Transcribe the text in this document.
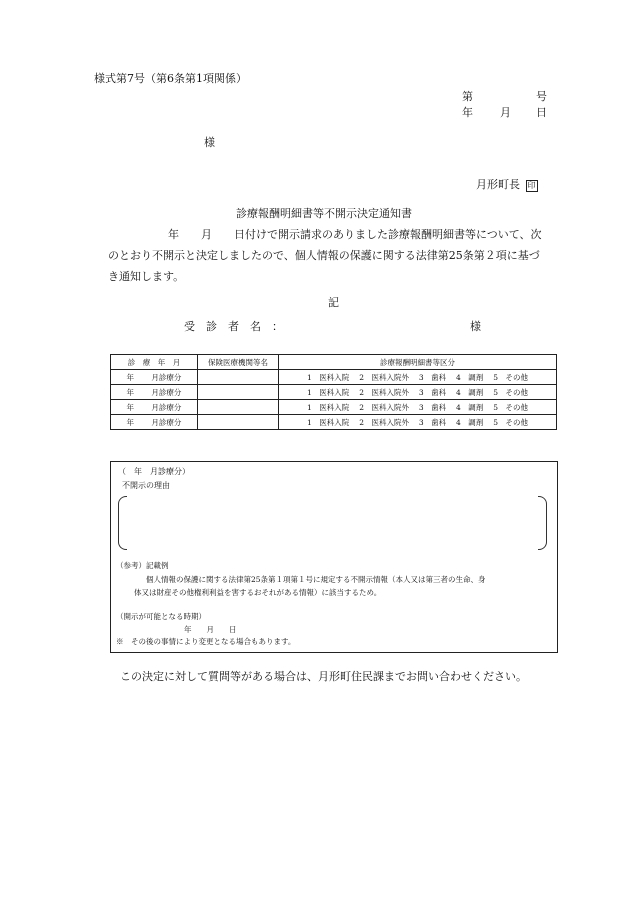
様式第7号（第6条第1項関係）
第	号
年 月 日
様
月形町長 印
診療報酬明細書等不開示決定通知書
年　　月　　日付けで開示請求のありました診療報酬明細書等について、次
のとおり不開示と決定しましたので、個人情報の保護に関する法律第25条第２項に基づ
き通知します。
記
受　診　者　名　：	様
診　療　年　月	保険医療機関等名	診療報酬明細書等区分
年　　 月診療分		1　医科入院　 2　医科入院外　 3　歯科　 4　調剤　 5　その他
年　　 月診療分		1　医科入院　 2　医科入院外　 3　歯科　 4　調剤　 5　その他
年　　 月診療分		1　医科入院　 2　医科入院外　 3　歯科　 4　調剤　 5　その他
年　　 月診療分		1　医科入院　 2　医科入院外　 3　歯科　 4　調剤　 5　その他
（　年　月診療分）
不開示の理由
（参考）記載例
個人情報の保護に関する法律第25条第１項第１号に規定する不開示情報（本人又は第三者の生命、身
体又は財産その他権利利益を害するおそれがある情報）に該当するため。
（開示が可能となる時期）
年　　月　　日
※　その後の事情により変更となる場合もあります。
この決定に対して質問等がある場合は、月形町住民課までお問い合わせください。
